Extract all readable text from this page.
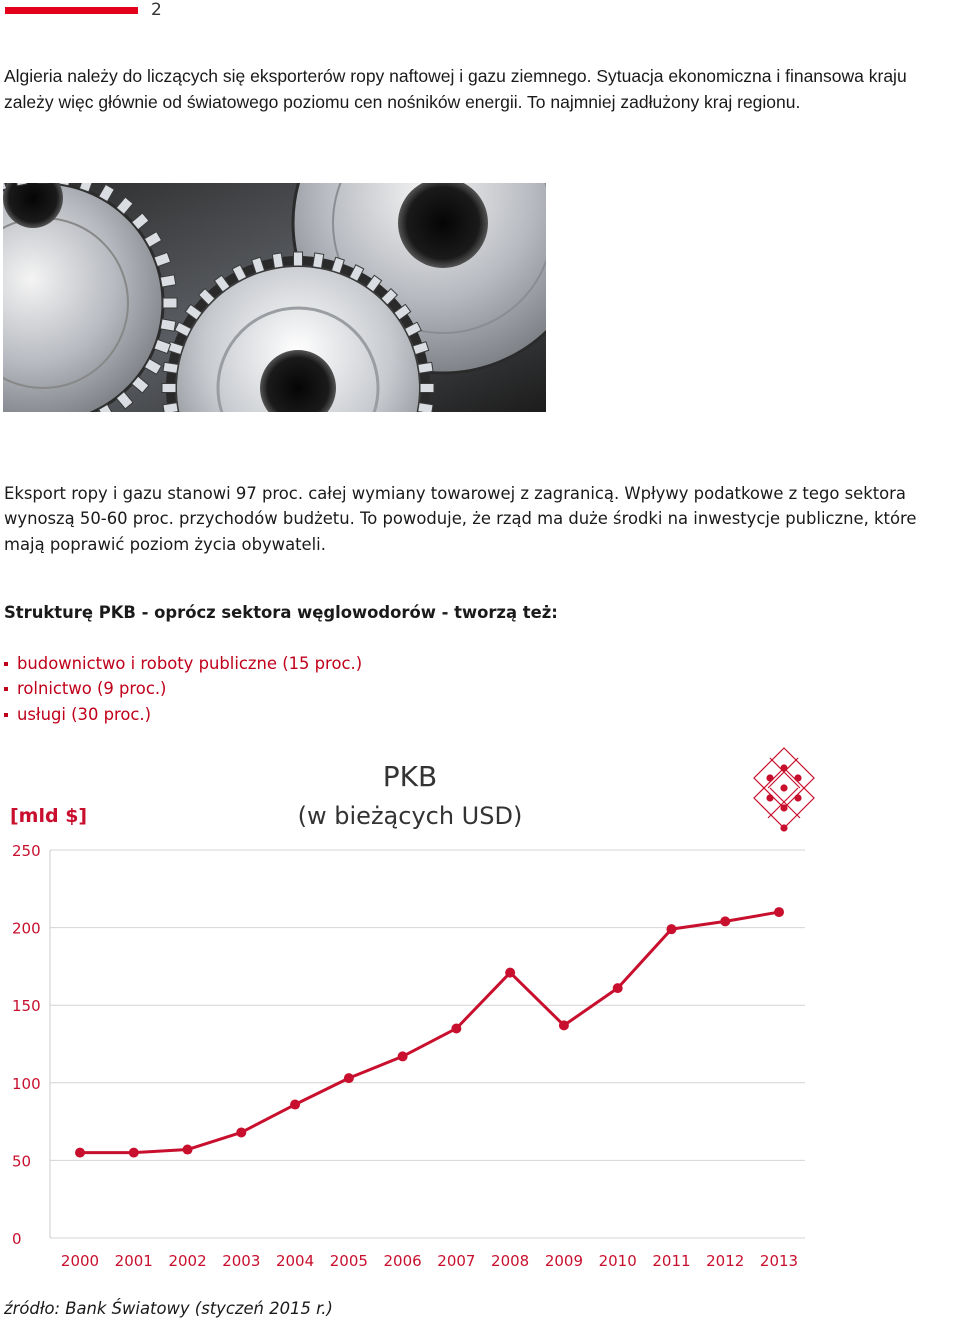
2

Algieria należy do liczących się eksporterów ropy naftowej i gazu ziemnego. Sytuacja ekonomiczna i finansowa kraju zależy więc głównie od światowego poziomu cen nośników energii. To najmniej zadłużony kraj regionu.

Eksport ropy i gazu stanowi 97 proc. całej wymiany towarowej z zagranicą. Wpływy podatkowe z tego sektora wynoszą 50-60 proc. przychodów budżetu. To powoduje, że rząd ma duże środki na inwestycje publiczne, które mają poprawić poziom życia obywateli.

Strukturę PKB - oprócz sektora węglowodorów - tworzą też:

budownictwo i roboty publiczne (15 proc.)
rolnictwo (9 proc.)
usługi (30 proc.)
PKB
(w bieżących USD)
[mld $]
0
50
100
150
200
250
2000 2001 2002 2003 2004 2005 2006 2007 2008 2009 2010 2011 2012 2013

źródło: Bank Światowy (styczeń 2015 r.)
